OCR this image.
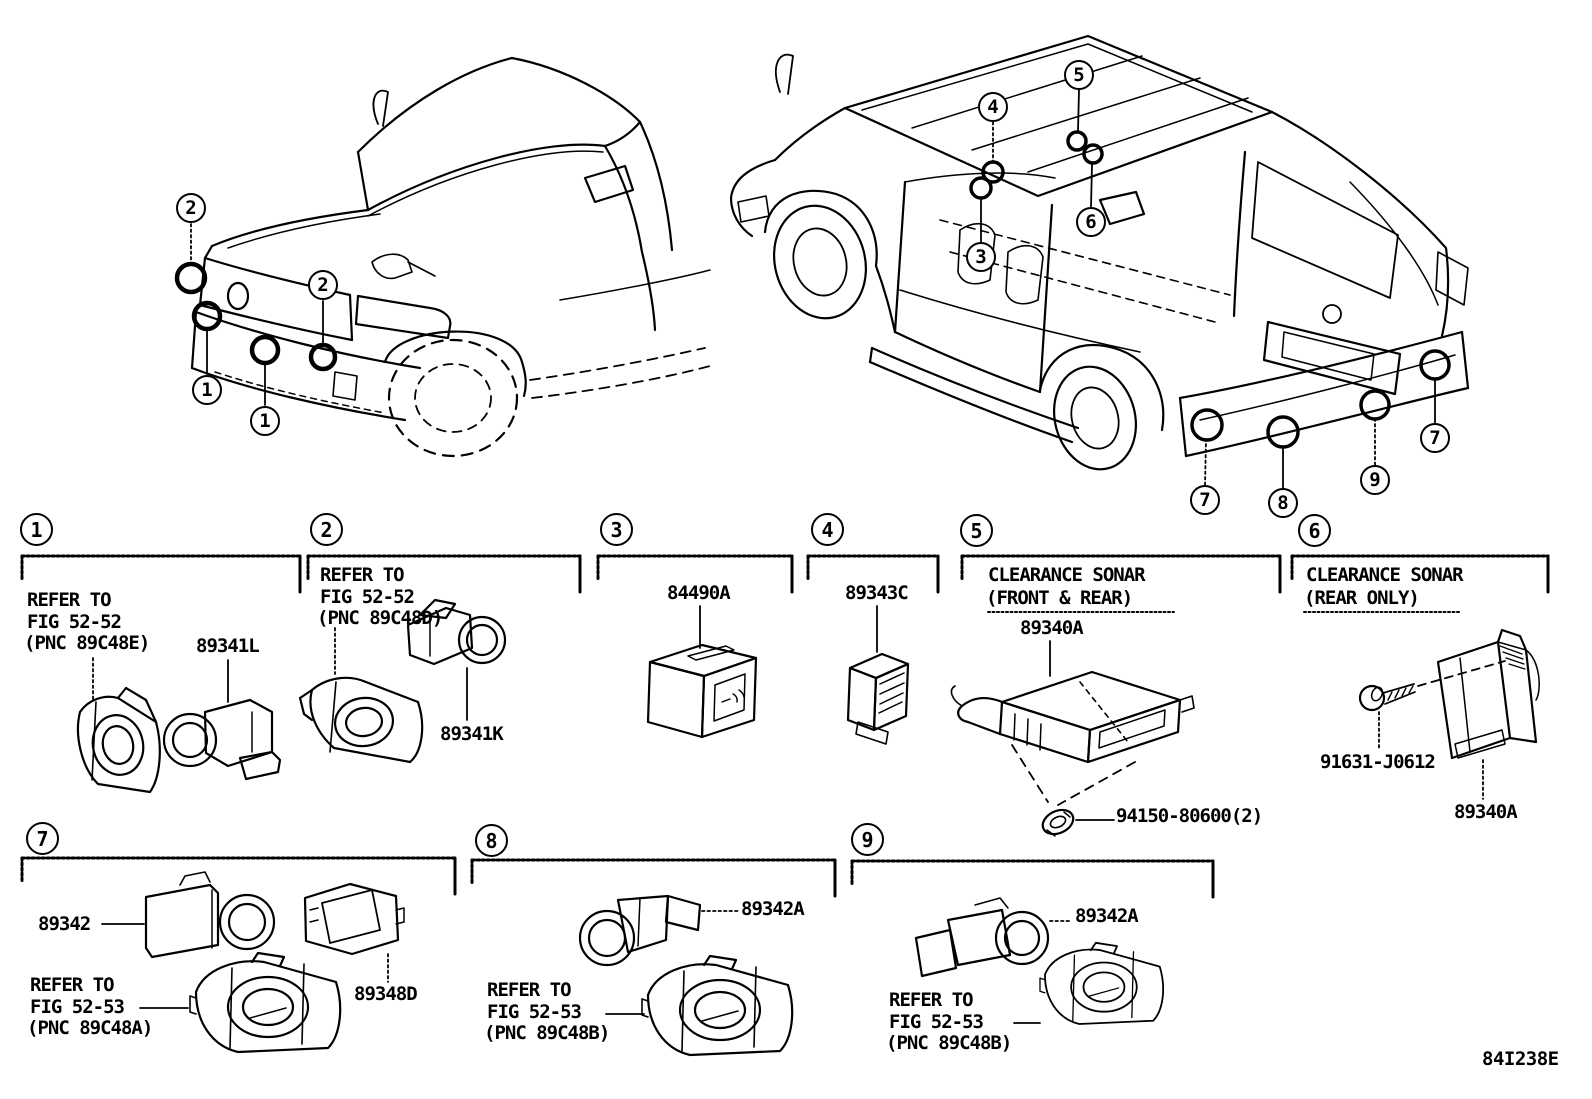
2
1
1
2
4
5
3
6
7	8
9
7
1	2	3	4	5	6
7	8	9
REFER TO
FIG 52-52
(PNC 89C48E) 89341L
REFER TO
FIG 52-52
(PNC 89C48D)
89341K
84490A	89343C
CLEARANCE SONAR
(FRONT & REAR)
89340A
94150-80600(2)
CLEARANCE SONAR
(REAR ONLY)
91631-J0612
89340A
89342
89348D
REFER TO
FIG 52-53
(PNC 89C48A)
89342A
REFER TO
FIG 52-53
(PNC 89C48B)
89342A
REFER TO
FIG 52-53
(PNC 89C48B)
84I238E
